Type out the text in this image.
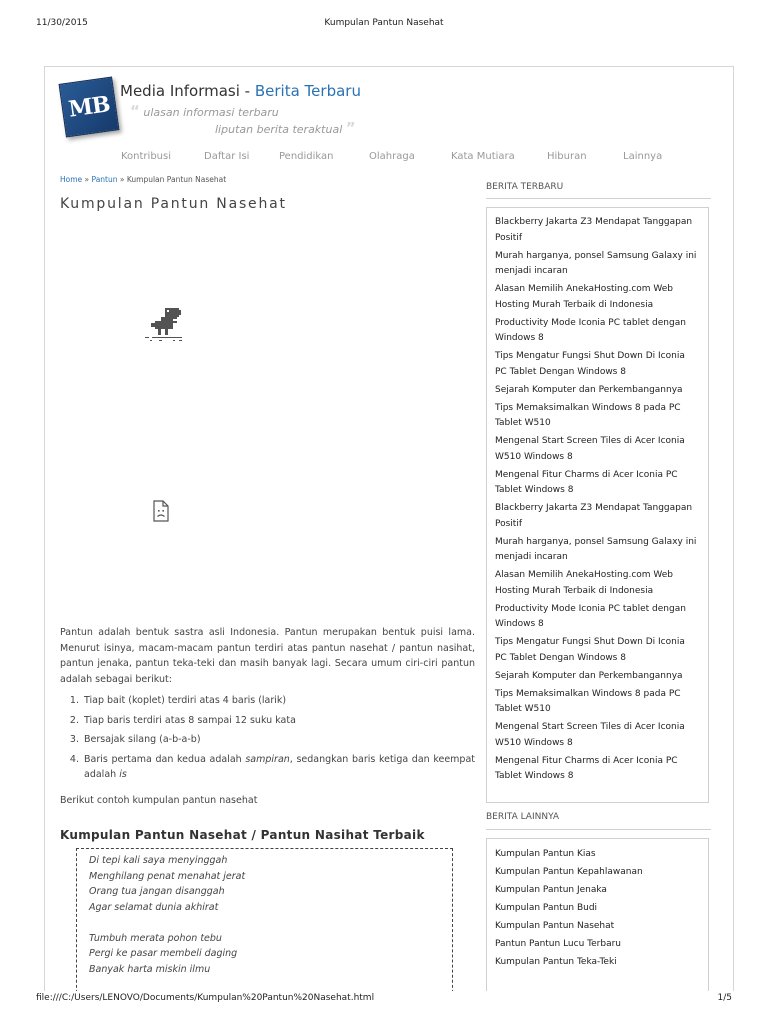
11/30/2015	Kumpulan Pantun Nasehat
MB
Media Informasi - Berita Terbaru
“ ulasan informasi terbaru
liputan berita teraktual ”
Kontribusi	Daftar Isi	Pendidikan	Olahraga	Kata Mutiara	Hiburan	Lainnya
Home » Pantun » Kumpulan Pantun Nasehat
Kumpulan Pantun Nasehat

Pantun adalah bentuk sastra asli Indonesia. Pantun merupakan bentuk puisi lama. Menurut isinya, macam-macam pantun terdiri atas pantun nasehat / pantun nasihat, pantun jenaka, pantun teka-teki dan masih banyak lagi. Secara umum ciri-ciri pantun adalah sebagai berikut:

1. Tiap bait (koplet) terdiri atas 4 baris (larik)
2. Tiap baris terdiri atas 8 sampai 12 suku kata
3. Bersajak silang (a-b-a-b)
4. Baris pertama dan kedua adalah sampiran, sedangkan baris ketiga dan keempat adalah is

Berikut contoh kumpulan pantun nasehat

Kumpulan Pantun Nasehat / Pantun Nasihat Terbaik
Di tepi kali saya menyinggah
Menghilang penat menahat jerat
Orang tua jangan disanggah
Agar selamat dunia akhirat
Tumbuh merata pohon tebu
Pergi ke pasar membeli daging
Banyak harta miskin ilmu
BERITA TERBARU
Blackberry Jakarta Z3 Mendapat Tanggapan Positif
Murah harganya, ponsel Samsung Galaxy ini menjadi incaran
Alasan Memilih AnekaHosting.com Web Hosting Murah Terbaik di Indonesia
Productivity Mode Iconia PC tablet dengan Windows 8
Tips Mengatur Fungsi Shut Down Di Iconia PC Tablet Dengan Windows 8
Sejarah Komputer dan Perkembangannya
Tips Memaksimalkan Windows 8 pada PC Tablet W510
Mengenal Start Screen Tiles di Acer Iconia W510 Windows 8
Mengenal Fitur Charms di Acer Iconia PC Tablet Windows 8
Blackberry Jakarta Z3 Mendapat Tanggapan Positif
Murah harganya, ponsel Samsung Galaxy ini menjadi incaran
Alasan Memilih AnekaHosting.com Web Hosting Murah Terbaik di Indonesia
Productivity Mode Iconia PC tablet dengan Windows 8
Tips Mengatur Fungsi Shut Down Di Iconia PC Tablet Dengan Windows 8
Sejarah Komputer dan Perkembangannya
Tips Memaksimalkan Windows 8 pada PC Tablet W510
Mengenal Start Screen Tiles di Acer Iconia W510 Windows 8
Mengenal Fitur Charms di Acer Iconia PC Tablet Windows 8
BERITA LAINNYA
Kumpulan Pantun Kias
Kumpulan Pantun Kepahlawanan
Kumpulan Pantun Jenaka
Kumpulan Pantun Budi
Kumpulan Pantun Nasehat
Pantun Pantun Lucu Terbaru
Kumpulan Pantun Teka-Teki
file:///C:/Users/LENOVO/Documents/Kumpulan%20Pantun%20Nasehat.html	1/5
